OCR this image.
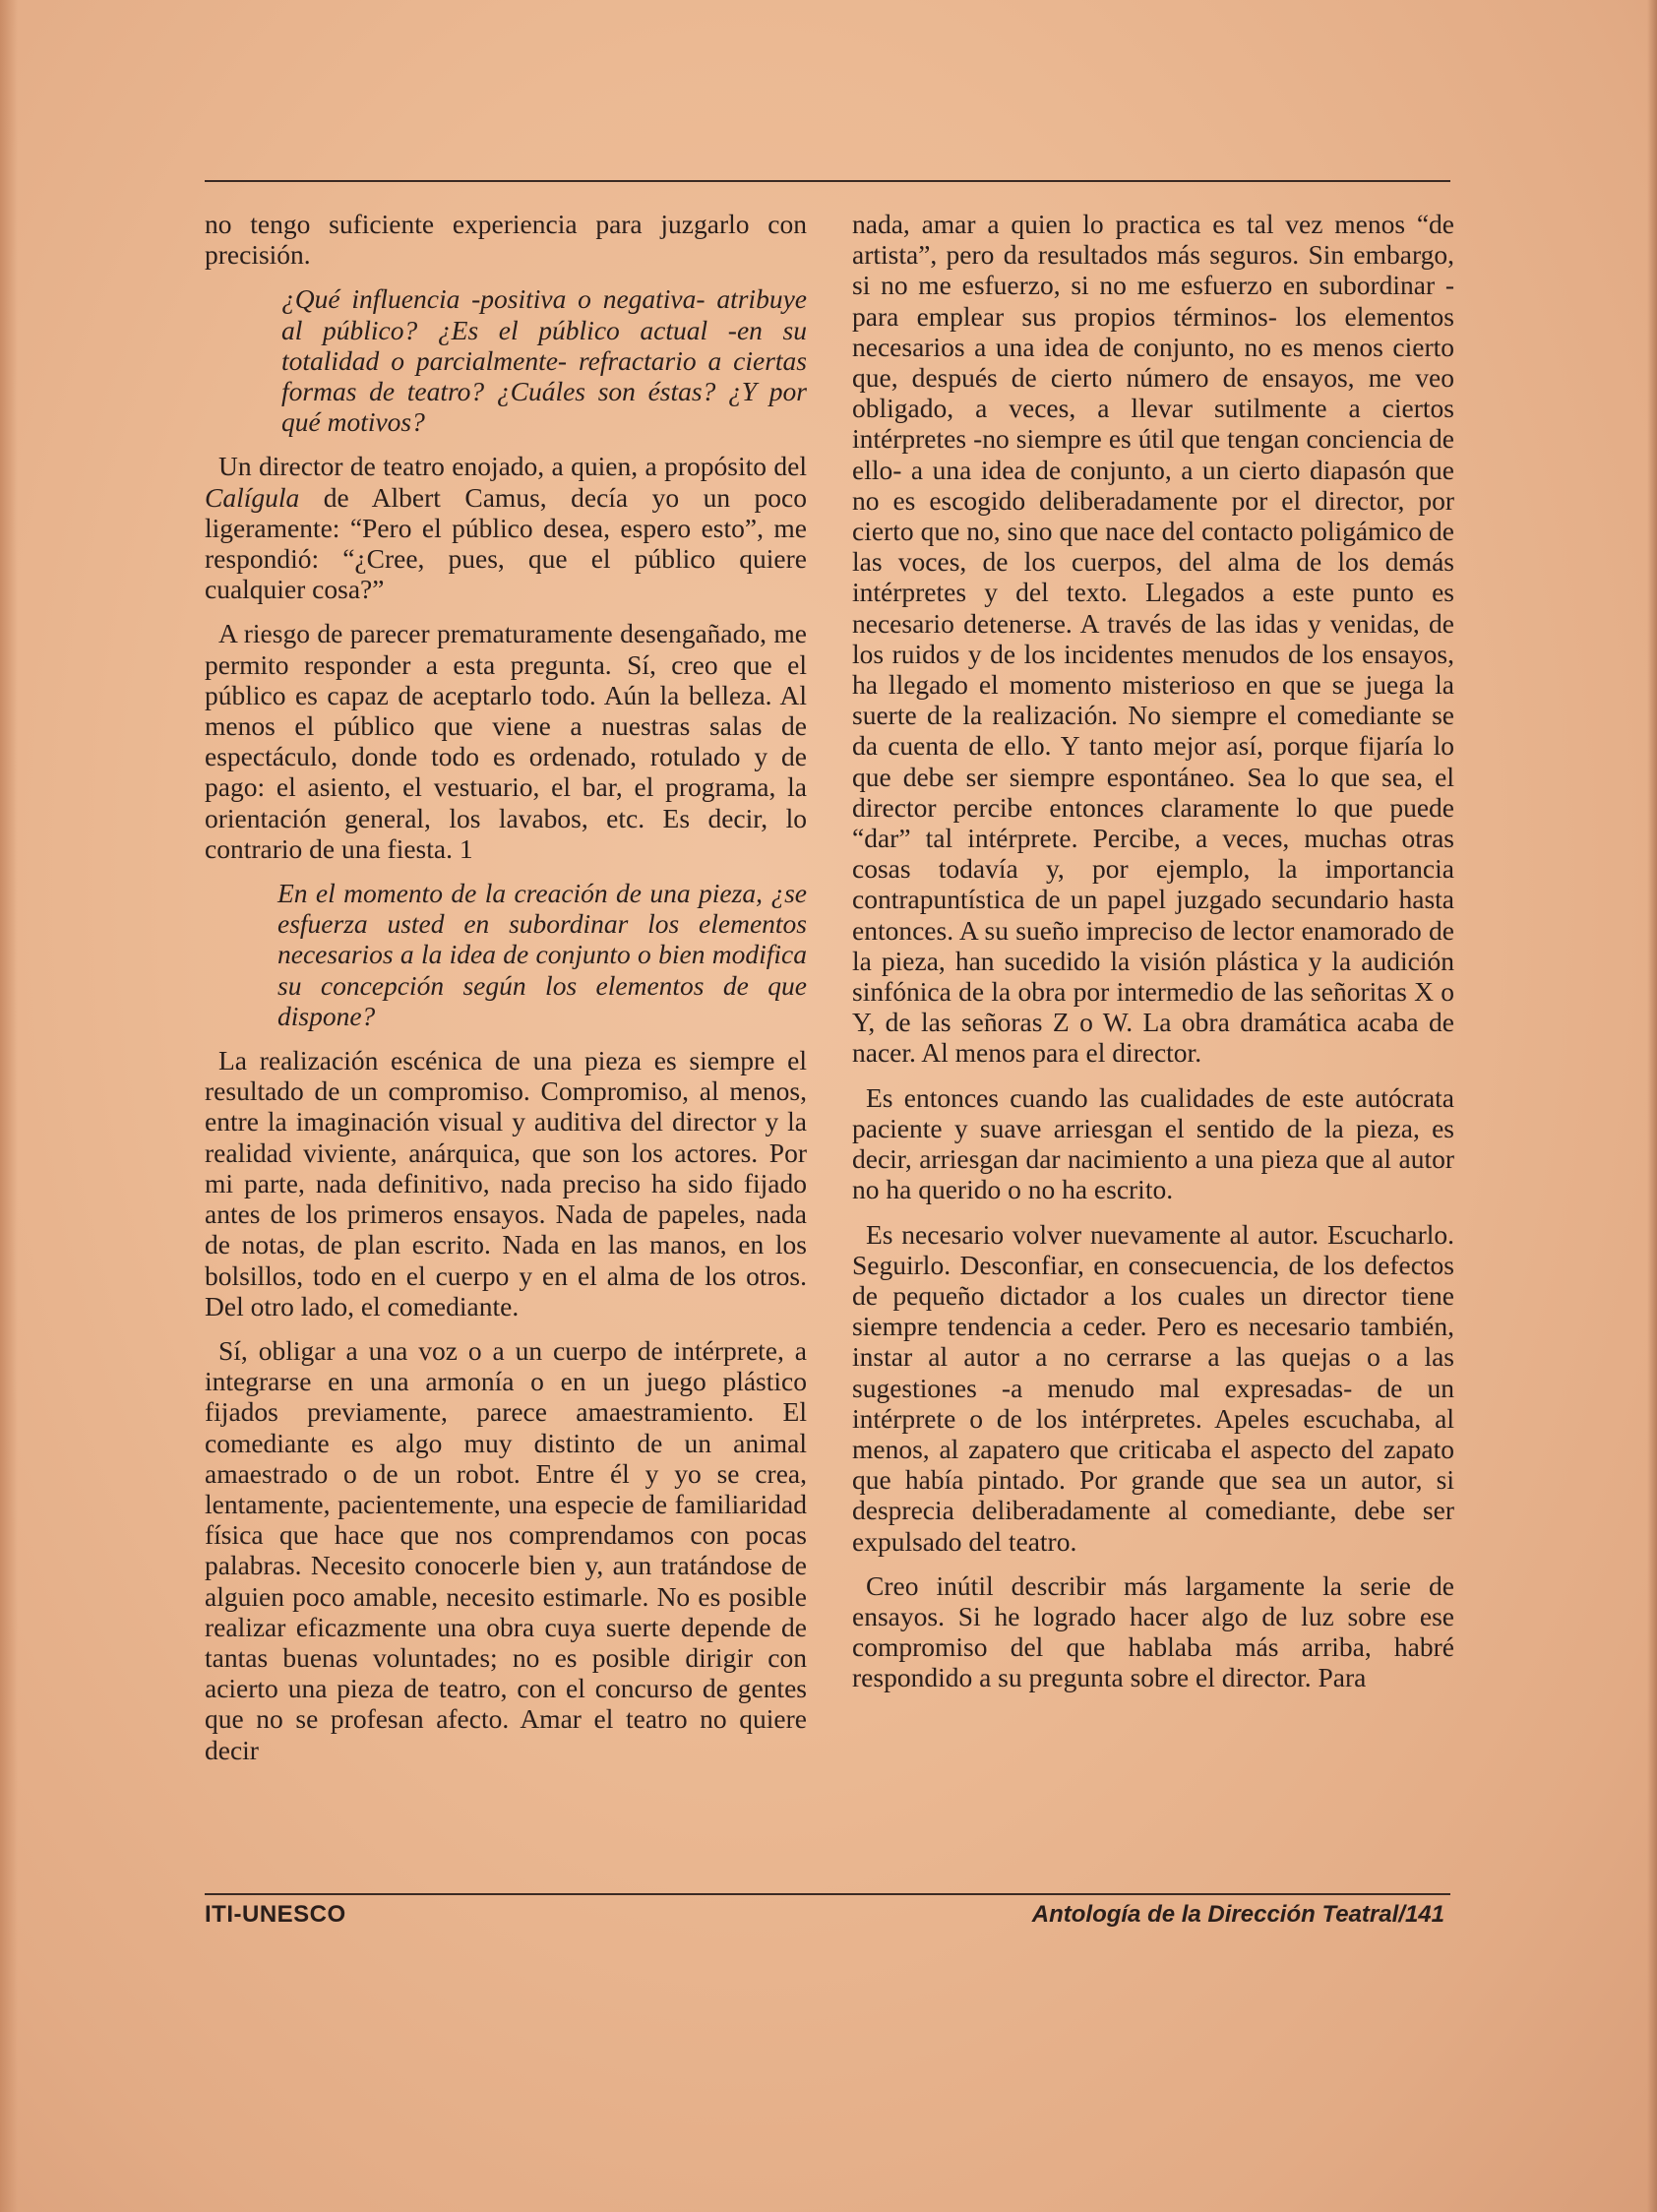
no tengo suficiente experiencia para juzgarlo con precisión.

¿Qué influencia -positiva o negativa- atribuye al público? ¿Es el público actual -en su totalidad o parcialmente- refractario a ciertas formas de teatro? ¿Cuáles son éstas? ¿Y por qué motivos?

Un director de teatro enojado, a quien, a propósito del Calígula de Albert Camus, decía yo un poco ligeramente: “Pero el público desea, espero esto”, me respondió: “¿Cree, pues, que el público quiere cualquier cosa?”

A riesgo de parecer prematuramente desengañado, me permito responder a esta pregunta. Sí, creo que el público es capaz de aceptarlo todo. Aún la belleza. Al menos el público que viene a nuestras salas de espectáculo, donde todo es ordenado, rotulado y de pago: el asiento, el vestuario, el bar, el programa, la orientación general, los lavabos, etc. Es decir, lo contrario de una fiesta. 1

En el momento de la creación de una pieza, ¿se esfuerza usted en subordinar los elementos necesarios a la idea de conjunto o bien modifica su concepción según los elementos de que dispone?

La realización escénica de una pieza es siempre el resultado de un compromiso. Compromiso, al menos, entre la imaginación visual y auditiva del director y la realidad viviente, anárquica, que son los actores. Por mi parte, nada definitivo, nada preciso ha sido fijado antes de los primeros ensayos. Nada de papeles, nada de notas, de plan escrito. Nada en las manos, en los bolsillos, todo en el cuerpo y en el alma de los otros. Del otro lado, el comediante.

Sí, obligar a una voz o a un cuerpo de intérprete, a integrarse en una armonía o en un juego plástico fijados previamente, parece amaestramiento. El comediante es algo muy distinto de un animal amaestrado o de un robot. Entre él y yo se crea, lentamente, pacientemente, una especie de familiaridad física que hace que nos comprendamos con pocas palabras. Necesito conocerle bien y, aun tratándose de alguien poco amable, necesito estimarle. No es posible realizar eficazmente una obra cuya suerte depende de tantas buenas voluntades; no es posible dirigir con acierto una pieza de teatro, con el concurso de gentes que no se profesan afecto. Amar el teatro no quiere decir

nada, amar a quien lo practica es tal vez menos “de artista”, pero da resultados más seguros. Sin embargo, si no me esfuerzo, si no me esfuerzo en subordinar -para emplear sus propios términos- los elementos necesarios a una idea de conjunto, no es menos cierto que, después de cierto número de ensayos, me veo obligado, a veces, a llevar sutilmente a ciertos intérpretes -no siempre es útil que tengan conciencia de ello- a una idea de conjunto, a un cierto diapasón que no es escogido deliberadamente por el director, por cierto que no, sino que nace del contacto poligámico de las voces, de los cuerpos, del alma de los demás intérpretes y del texto. Llegados a este punto es necesario detenerse. A través de las idas y venidas, de los ruidos y de los incidentes menudos de los ensayos, ha llegado el momento misterioso en que se juega la suerte de la realización. No siempre el comediante se da cuenta de ello. Y tanto mejor así, porque fijaría lo que debe ser siempre espontáneo. Sea lo que sea, el director percibe entonces claramente lo que puede “dar” tal intérprete. Percibe, a veces, muchas otras cosas todavía y, por ejemplo, la importancia contrapuntística de un papel juzgado secundario hasta entonces. A su sueño impreciso de lector enamorado de la pieza, han sucedido la visión plástica y la audición sinfónica de la obra por intermedio de las señoritas X o Y, de las señoras Z o W. La obra dramática acaba de nacer. Al menos para el director.

Es entonces cuando las cualidades de este autócrata paciente y suave arriesgan el sentido de la pieza, es decir, arriesgan dar nacimiento a una pieza que al autor no ha querido o no ha escrito.

Es necesario volver nuevamente al autor. Escucharlo. Seguirlo. Desconfiar, en consecuencia, de los defectos de pequeño dictador a los cuales un director tiene siempre tendencia a ceder. Pero es necesario también, instar al autor a no cerrarse a las quejas o a las sugestiones -a menudo mal expresadas- de un intérprete o de los intérpretes. Apeles escuchaba, al menos, al zapatero que criticaba el aspecto del zapato que había pintado. Por grande que sea un autor, si desprecia deliberadamente al comediante, debe ser expulsado del teatro.

Creo inútil describir más largamente la serie de ensayos. Si he logrado hacer algo de luz sobre ese compromiso del que hablaba más arriba, habré respondido a su pregunta sobre el director. Para

ITI-UNESCO	Antología de la Dirección Teatral/141
